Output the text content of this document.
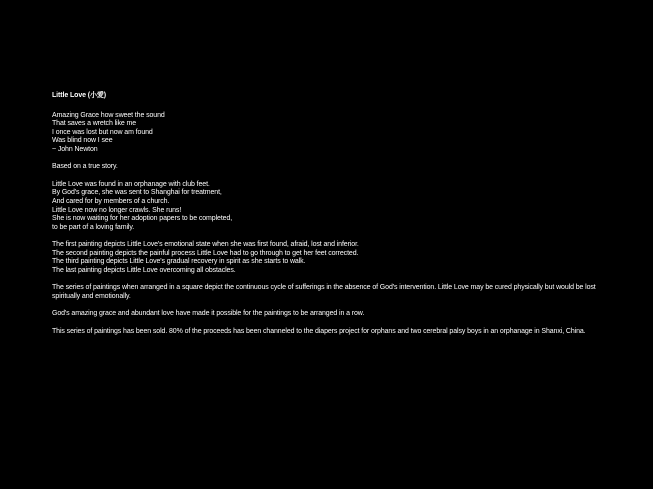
Little Love (小愛)
Amazing Grace how sweet the sound
That saves a wretch like me
I once was lost but now am found
Was blind now I see
~ John Newton
Based on a true story.
Little Love was found in an orphanage with club feet.
By God's grace, she was sent to Shanghai for treatment,
And cared for by members of a church.
Little Love now no longer crawls. She runs!
She is now waiting for her adoption papers to be completed,
to be part of a loving family.
The first painting depicts Little Love's emotional state when she was first found, afraid, lost and inferior.
The second painting depicts the painful process Little Love had to go through to get her feet corrected.
The third painting depicts Little Love's gradual recovery in spirit as she starts to walk.
The last painting depicts Little Love overcoming all obstacles.
The series of paintings when arranged in a square depict the continuous cycle of sufferings in the absence of God's intervention. Little Love may be cured physically but would be lost spiritually and emotionally.
God's amazing grace and abundant love have made it possible for the paintings to be arranged in a row.
This series of paintings has been sold. 80% of the proceeds has been channeled to the diapers project for orphans and two cerebral palsy boys in an orphanage in Shanxi, China.
